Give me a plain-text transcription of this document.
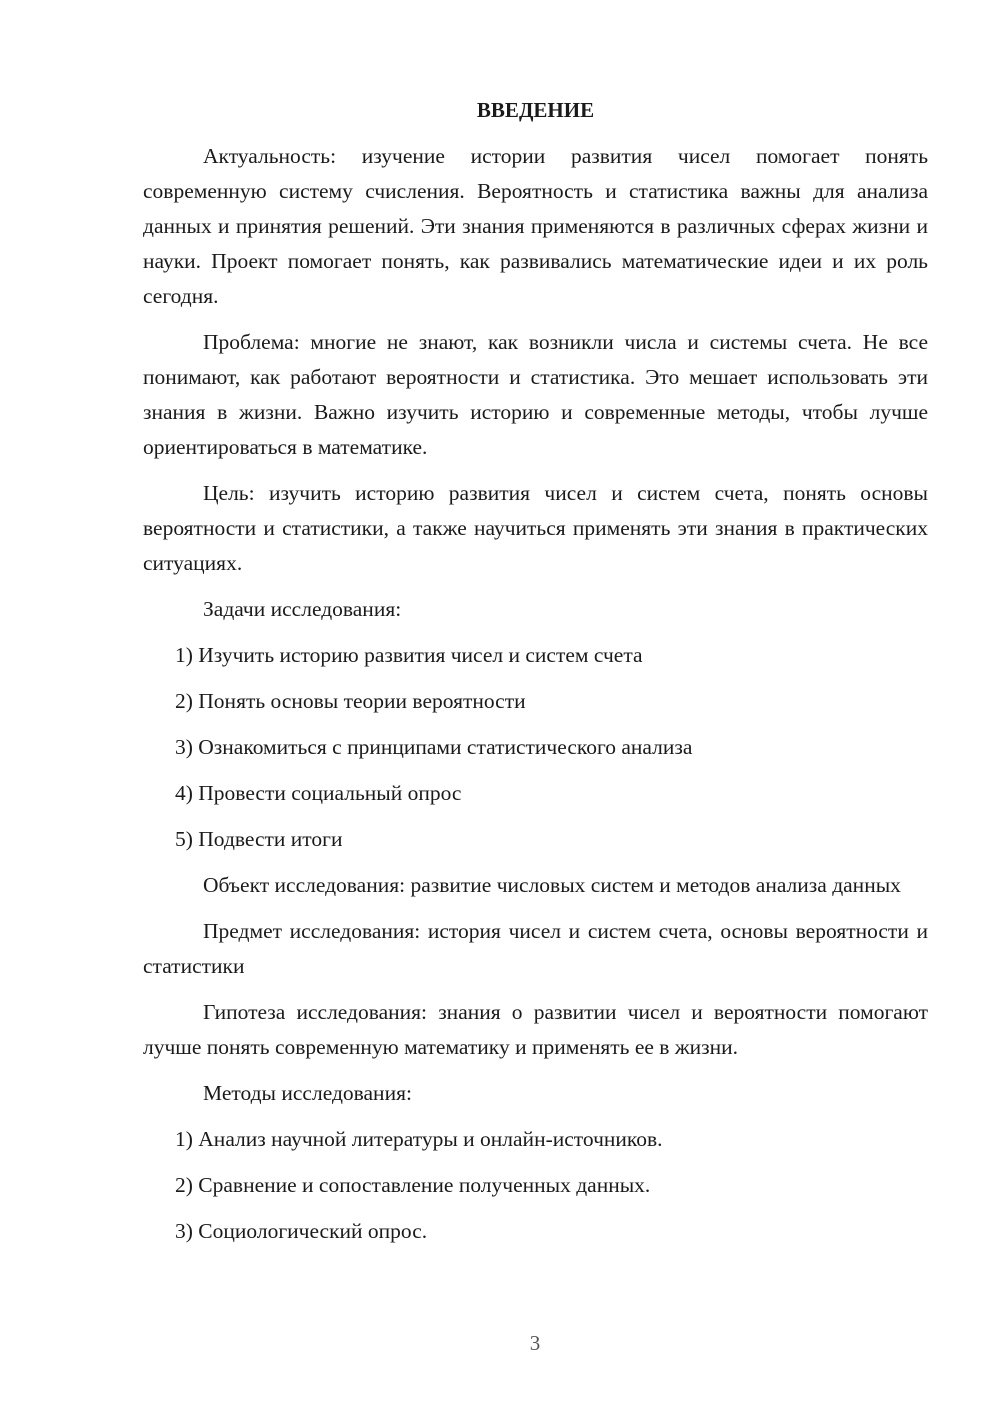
ВВЕДЕНИЕ

Актуальность: изучение истории развития чисел помогает понять современную систему счисления. Вероятность и статистика важны для анализа данных и принятия решений. Эти знания применяются в различных сферах жизни и науки. Проект помогает понять, как развивались математические идеи и их роль сегодня.

Проблема: многие не знают, как возникли числа и системы счета. Не все понимают, как работают вероятности и статистика. Это мешает использовать эти знания в жизни. Важно изучить историю и современные методы, чтобы лучше ориентироваться в математике.

Цель: изучить историю развития чисел и систем счета, понять основы вероятности и статистики, а также научиться применять эти знания в практических ситуациях.

Задачи исследования:

1) Изучить историю развития чисел и систем счета
2) Понять основы теории вероятности
3) Ознакомиться с принципами статистического анализа
4) Провести социальный опрос
5) Подвести итоги

Объект исследования: развитие числовых систем и методов анализа данных

Предмет исследования: история чисел и систем счета, основы вероятности и статистики

Гипотеза исследования: знания о развитии чисел и вероятности помогают лучше понять современную математику и применять ее в жизни.

Методы исследования:

1) Анализ научной литературы и онлайн-источников.
2) Сравнение и сопоставление полученных данных.
3) Социологический опрос.
3
